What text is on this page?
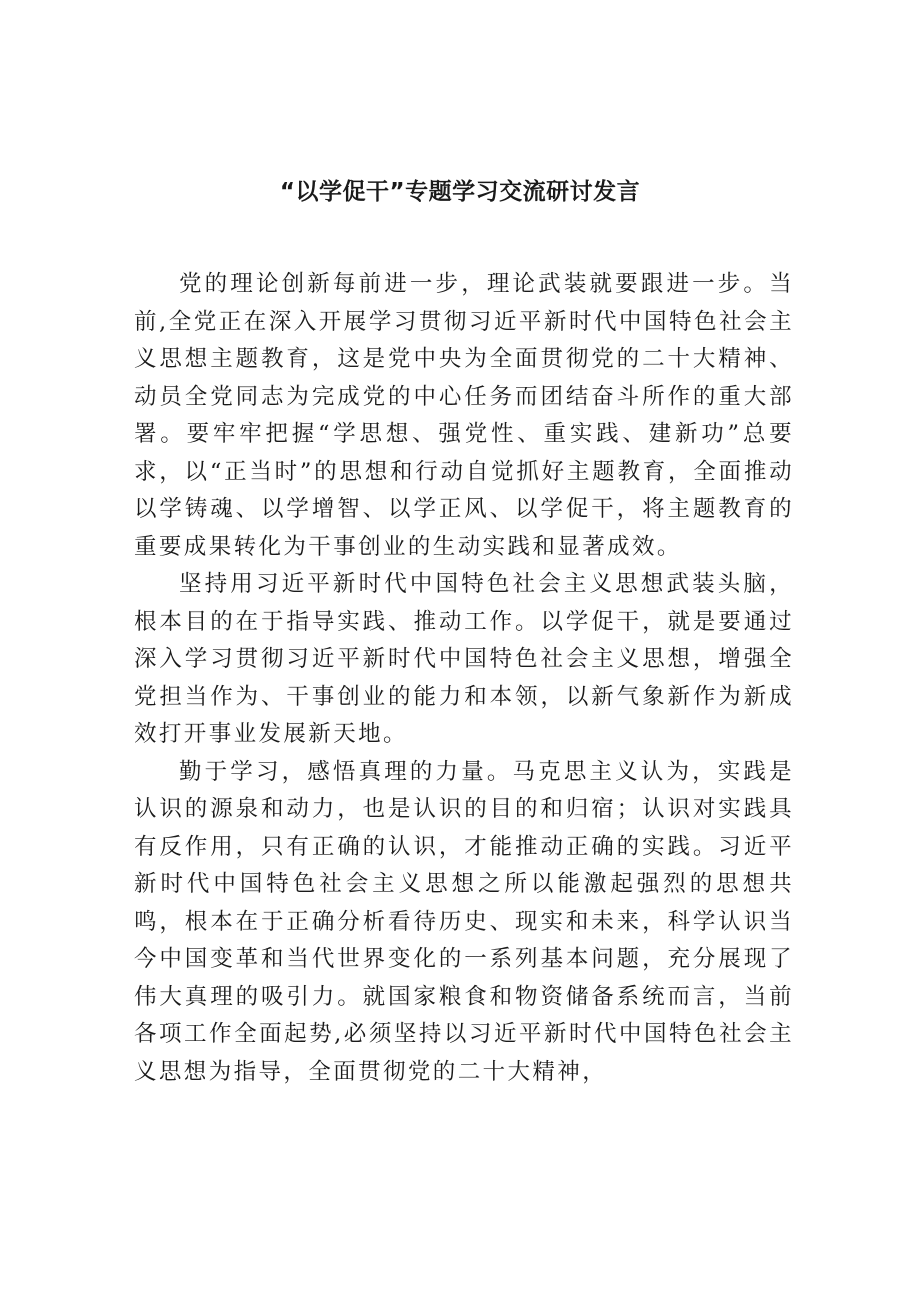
“以学促干”专题学习交流研讨发言

党的理论创新每前进一步，理论武装就要跟进一步。当前,全党正在深入开展学习贯彻习近平新时代中国特色社会主义思想主题教育，这是党中央为全面贯彻党的二十大精神、动员全党同志为完成党的中心任务而团结奋斗所作的重大部署。要牢牢把握“学思想、强党性、重实践、建新功”总要求，以“正当时”的思想和行动自觉抓好主题教育，全面推动以学铸魂、以学增智、以学正风、以学促干，将主题教育的重要成果转化为干事创业的生动实践和显著成效。

坚持用习近平新时代中国特色社会主义思想武装头脑，根本目的在于指导实践、推动工作。以学促干，就是要通过深入学习贯彻习近平新时代中国特色社会主义思想，增强全党担当作为、干事创业的能力和本领，以新气象新作为新成效打开事业发展新天地。

勤于学习，感悟真理的力量。马克思主义认为，实践是认识的源泉和动力，也是认识的目的和归宿；认识对实践具有反作用，只有正确的认识，才能推动正确的实践。习近平新时代中国特色社会主义思想之所以能激起强烈的思想共鸣，根本在于正确分析看待历史、现实和未来，科学认识当今中国变革和当代世界变化的一系列基本问题，充分展现了伟大真理的吸引力。就国家粮食和物资储备系统而言，当前各项工作全面起势,必须坚持以习近平新时代中国特色社会主义思想为指导，全面贯彻党的二十大精神，
